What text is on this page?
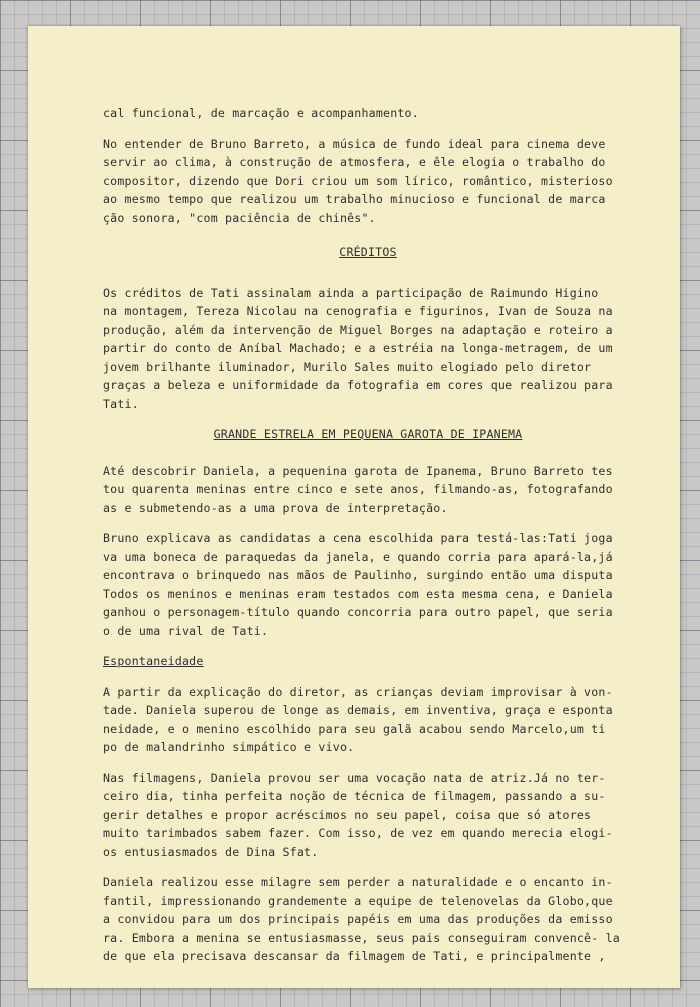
cal funcional, de marcação e acompanhamento.
No entender de Bruno Barreto, a música de fundo ideal para cinema deve
servir ao clima, à construção de atmosfera, e êle elogia o trabalho do
compositor, dizendo que Dori criou um som lírico, romântico, misterioso
ao mesmo tempo que realizou um trabalho minucioso e funcional de marca
ção sonora, "com paciência de chinês".
CRÉDITOS
Os créditos de Tati assinalam ainda a participação de Raimundo Higino
na montagem, Tereza Nicolau na cenografia e figurinos, Ivan de Souza na
produção, além da intervenção de Miguel Borges na adaptação e roteiro a
partir do conto de Aníbal Machado; e a estréia na longa-metragem, de um
jovem brilhante iluminador, Murilo Sales muito elogiado pelo diretor
graças a beleza e uniformidade da fotografia em cores que realizou para
Tati.
GRANDE ESTRELA EM PEQUENA GAROTA DE IPANEMA
Até descobrir Daniela, a pequenina garota de Ipanema, Bruno Barreto tes
tou quarenta meninas entre cinco e sete anos, filmando-as, fotografando
as e submetendo-as a uma prova de interpretação.
Bruno explicava as candidatas a cena escolhida para testá-las:Tati joga
va uma boneca de paraquedas da janela, e quando corria para apará-la,já
encontrava o brinquedo nas mãos de Paulinho, surgindo então uma disputa
Todos os meninos e meninas eram testados com esta mesma cena, e Daniela
ganhou o personagem-título quando concorria para outro papel, que seria
o de uma rival de Tati.
Espontaneidade
A partir da explicação do diretor, as crianças deviam improvisar à von-
tade. Daniela superou de longe as demais, em inventiva, graça e esponta
neidade, e o menino escolhido para seu galã acabou sendo Marcelo,um ti
po de malandrinho simpático e vivo.
Nas filmagens, Daniela provou ser uma vocação nata de atriz.Já no ter-
ceiro dia, tinha perfeita noção de técnica de filmagem, passando a su-
gerir detalhes e propor acréscimos no seu papel, coisa que só atores
muito tarimbados sabem fazer. Com isso, de vez em quando merecia elogi-
os entusiasmados de Dina Sfat.
Daniela realizou esse milagre sem perder a naturalidade e o encanto in-
fantil, impressionando grandemente a equipe de telenovelas da Globo,que
a convidou para um dos principais papéis em uma das produções da emisso
ra. Embora a menina se entusiasmasse, seus pais conseguiram convencê- la
de que ela precisava descansar da filmagem de Tati, e principalmente ,
